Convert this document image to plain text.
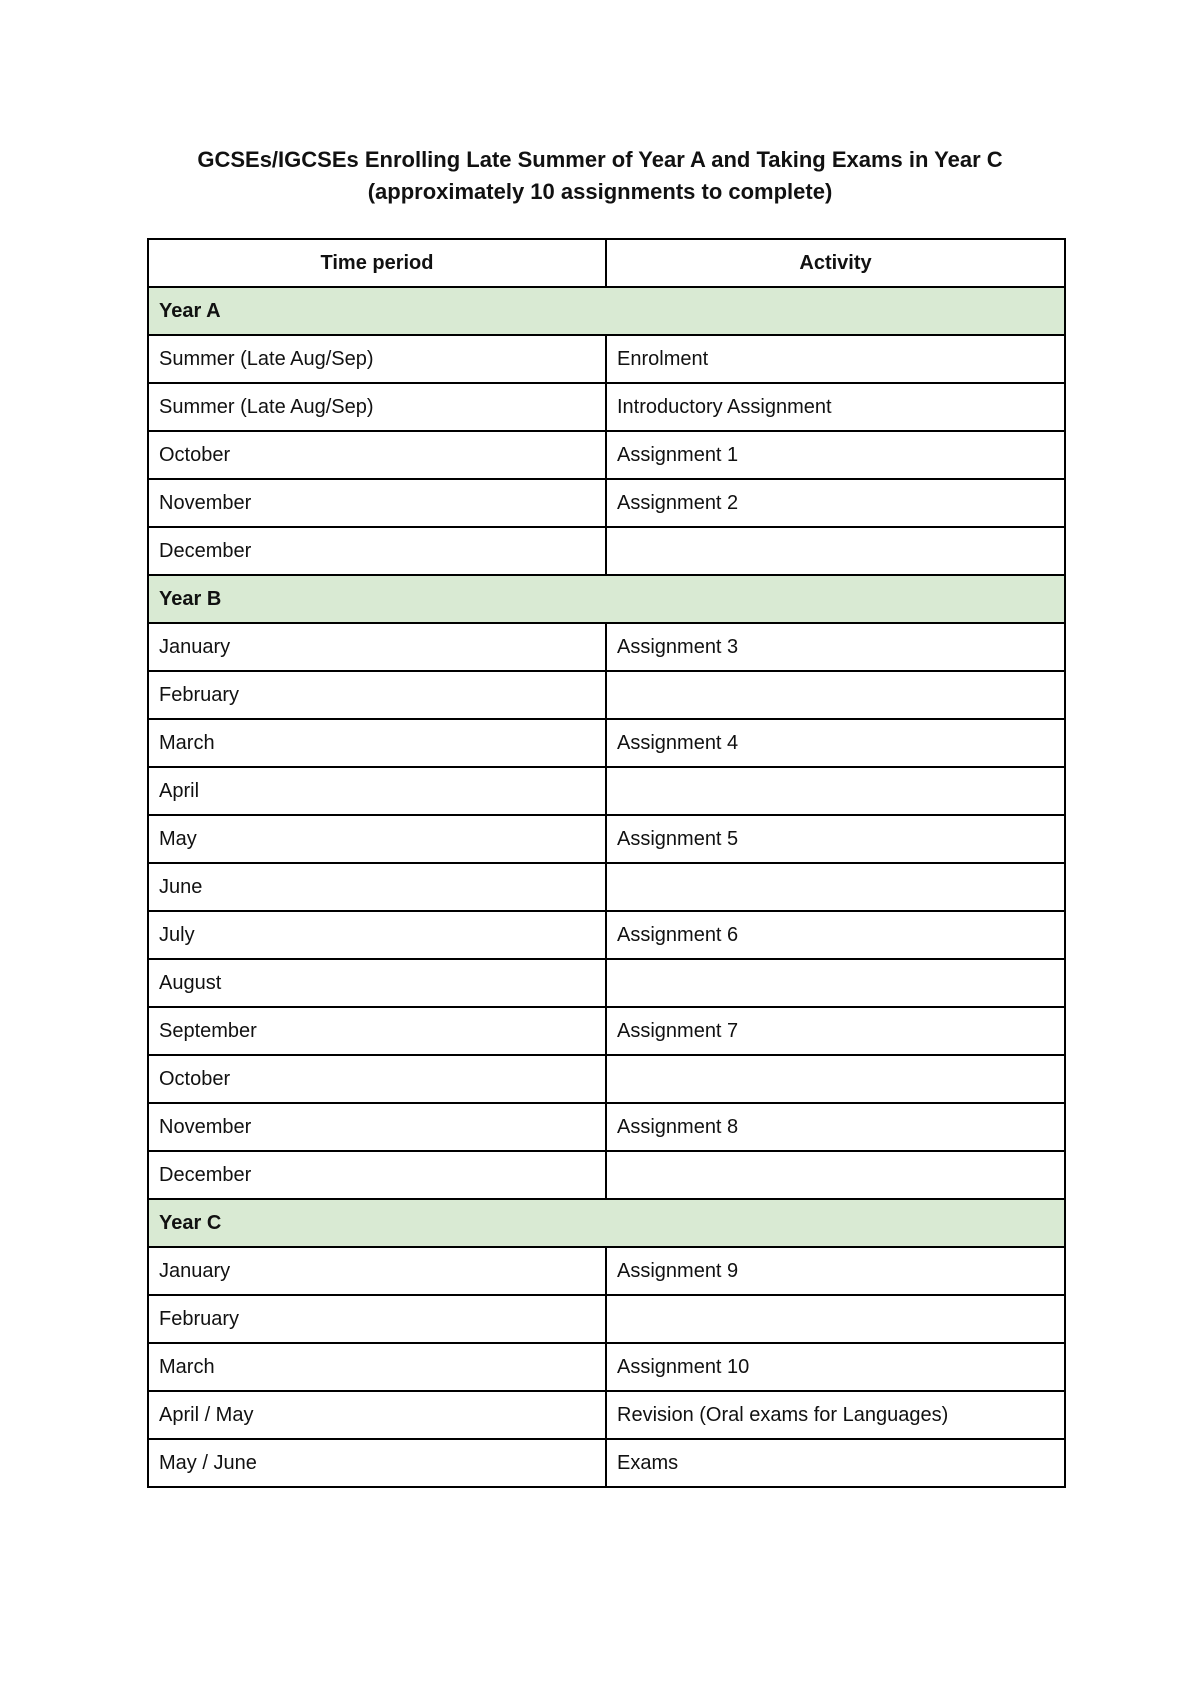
GCSEs/IGCSEs Enrolling Late Summer of Year A and Taking Exams in Year C
(approximately 10 assignments to complete)
Time period	Activity
Year A	
Summer (Late Aug/Sep)	Enrolment
Summer (Late Aug/Sep)	Introductory Assignment
October	Assignment 1
November	Assignment 2
December	
Year B	
January	Assignment 3
February	
March	Assignment 4
April	
May	Assignment 5
June	
July	Assignment 6
August	
September	Assignment 7
October	
November	Assignment 8
December	
Year C	
January	Assignment 9
February	
March	Assignment 10
April / May	Revision (Oral exams for Languages)
May / June	Exams
